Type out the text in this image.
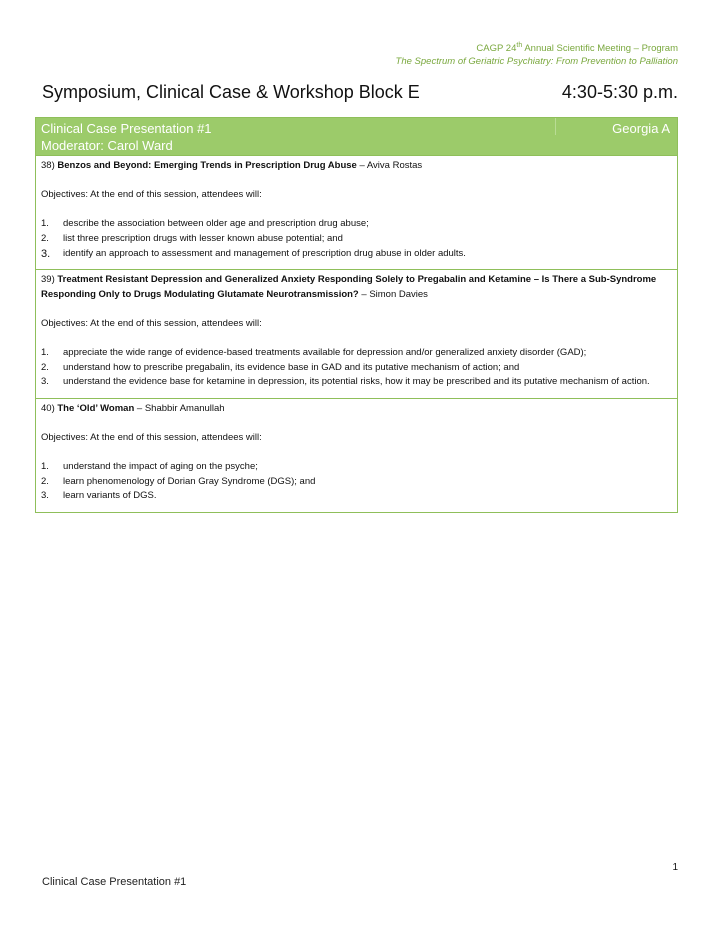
CAGP 24th Annual Scientific Meeting – Program
The Spectrum of Geriatric Psychiatry: From Prevention to Palliation
Symposium, Clinical Case & Workshop Block E	4:30-5:30 p.m.
Clinical Case Presentation #1	Georgia A
Moderator: Carol Ward

38) Benzos and Beyond: Emerging Trends in Prescription Drug Abuse – Aviva Rostas

Objectives: At the end of this session, attendees will:

1. describe the association between older age and prescription drug abuse;
2. list three prescription drugs with lesser known abuse potential; and
3. identify an approach to assessment and management of prescription drug abuse in older adults.

39) Treatment Resistant Depression and Generalized Anxiety Responding Solely to Pregabalin and Ketamine – Is There a Sub-Syndrome Responding Only to Drugs Modulating Glutamate Neurotransmission? – Simon Davies

Objectives: At the end of this session, attendees will:

1. appreciate the wide range of evidence-based treatments available for depression and/or generalized anxiety disorder (GAD);
2. understand how to prescribe pregabalin, its evidence base in GAD and its putative mechanism of action; and
3. understand the evidence base for ketamine in depression, its potential risks, how it may be prescribed and its putative mechanism of action.

40) The ‘Old’ Woman – Shabbir Amanullah

Objectives: At the end of this session, attendees will:

1. understand the impact of aging on the psyche;
2. learn phenomenology of Dorian Gray Syndrome (DGS); and
3. learn variants of DGS.
1
Clinical Case Presentation #1
